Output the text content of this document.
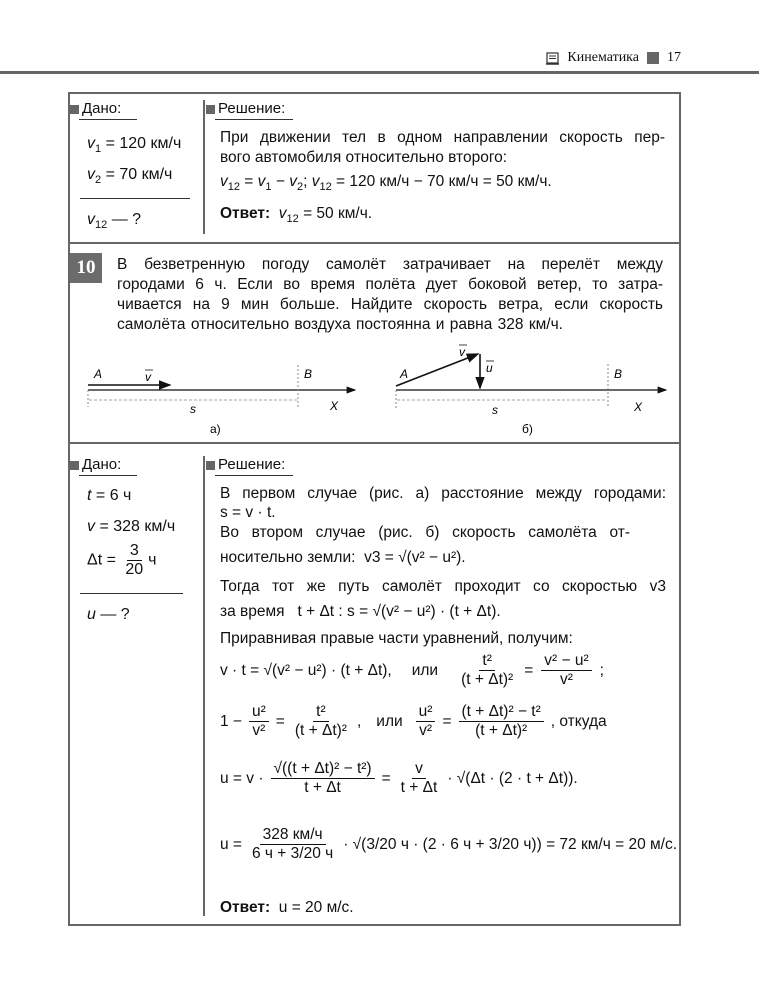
Кинематика 17
Дано:
$v_1 = 120$ км/ч
$v_2 = 70$ км/ч
$v_{12}$ — ?
Решение:
При движении тел в одном направлении скорость пер-
вого автомобиля относительно второго:
$v_{12} = v_1 - v_2$; $v_{12} = 120$ км/ч − 70 км/ч = 50 км/ч.
Ответ: $v_{12} = 50$ км/ч.
10	В безветренную погоду самолёт затрачивает на перелёт между
городами 6 ч. Если во время полёта дует боковой ветер, то затра-
чивается на 9 мин больше. Найдите скорость ветра, если скорость
самолёта относительно воздуха постоянна и равна 328 км/ч.
A	v	B
s	X
а)
A
v
u	B
s	X
б)
Дано:
t = 6 ч
v = 328 км/ч
$\Delta t = \frac{3}{20}$ ч
u — ?
Решение:
В первом случае (рис. а) расстояние между городами:
s = v · t.
Во втором случае (рис. б) скорость самолёта от-
носительно земли: v3 = √(v² − u²).
Тогда тот же путь самолёт проходит со скоростью v3
за время t + Δt : s = √(v² − u²) · (t + Δt).
Приравнивая правые части уравнений, получим:
v · t = √(v² − u²) · (t + Δt), или $\frac{\text{t²}}{\text{(t + Δt)²}} = \frac{\text{v² − u²}}{\text{v²}}$ ;
$1 - \frac{\text{u²}}{\text{v²}} = \frac{\text{t²}}{\text{(t + Δt)²}}$ , или $\frac{\text{u²}}{\text{v²}} = \frac{\text{(t + Δt)² − t²}}{\text{(t + Δt)²}}$ , откуда
$u = v \cdot \frac{\text{√((t + Δt)² − t²)}}{t + \Delta t} = \frac{v}{t + \Delta t} \cdot √(\Delta t \cdot (2 \cdot t + \Delta t))$.
$u = \frac{328 км/ч}{6 ч + 3/20 ч} \cdot √(3/20$ ч · (2 · 6 ч + 3/20 ч)) = 72 км/ч = 20 м/с.
Ответ: u = 20 м/с.
